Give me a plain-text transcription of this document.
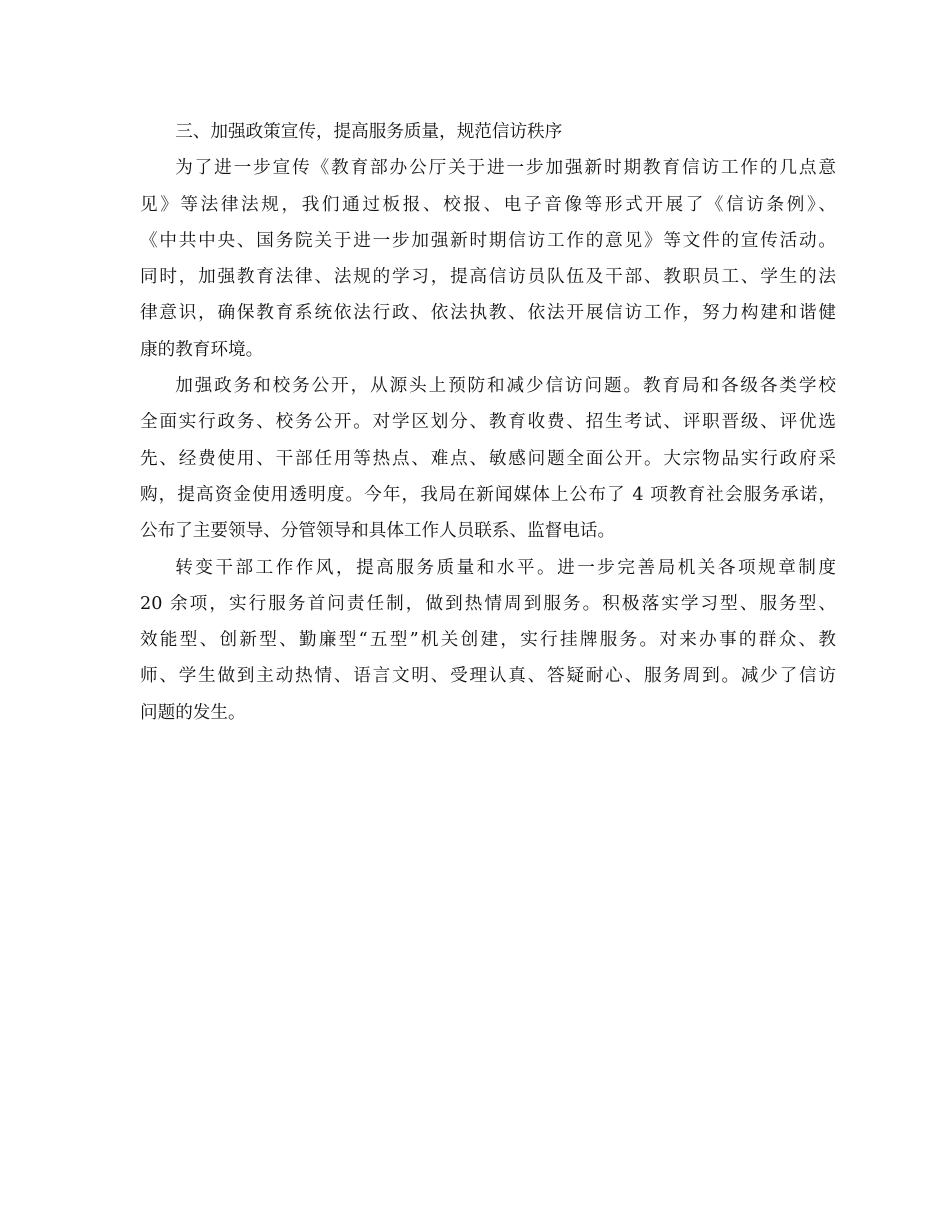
三、加强政策宣传，提高服务质量，规范信访秩序
为了进一步宣传《教育部办公厅关于进一步加强新时期教育信访工作的几点意
见》等法律法规，我们通过板报、校报、电子音像等形式开展了《信访条例》、
《中共中央、国务院关于进一步加强新时期信访工作的意见》等文件的宣传活动。
同时，加强教育法律、法规的学习，提高信访员队伍及干部、教职员工、学生的法
律意识，确保教育系统依法行政、依法执教、依法开展信访工作，努力构建和谐健
康的教育环境。
加强政务和校务公开，从源头上预防和减少信访问题。教育局和各级各类学校
全面实行政务、校务公开。对学区划分、教育收费、招生考试、评职晋级、评优选
先、经费使用、干部任用等热点、难点、敏感问题全面公开。大宗物品实行政府采
购，提高资金使用透明度。今年，我局在新闻媒体上公布了 4 项教育社会服务承诺，
公布了主要领导、分管领导和具体工作人员联系、监督电话。
转变干部工作作风，提高服务质量和水平。进一步完善局机关各项规章制度
20 余项，实行服务首问责任制，做到热情周到服务。积极落实学习型、服务型、
效能型、创新型、勤廉型“五型”机关创建，实行挂牌服务。对来办事的群众、教
师、学生做到主动热情、语言文明、受理认真、答疑耐心、服务周到。减少了信访
问题的发生。
